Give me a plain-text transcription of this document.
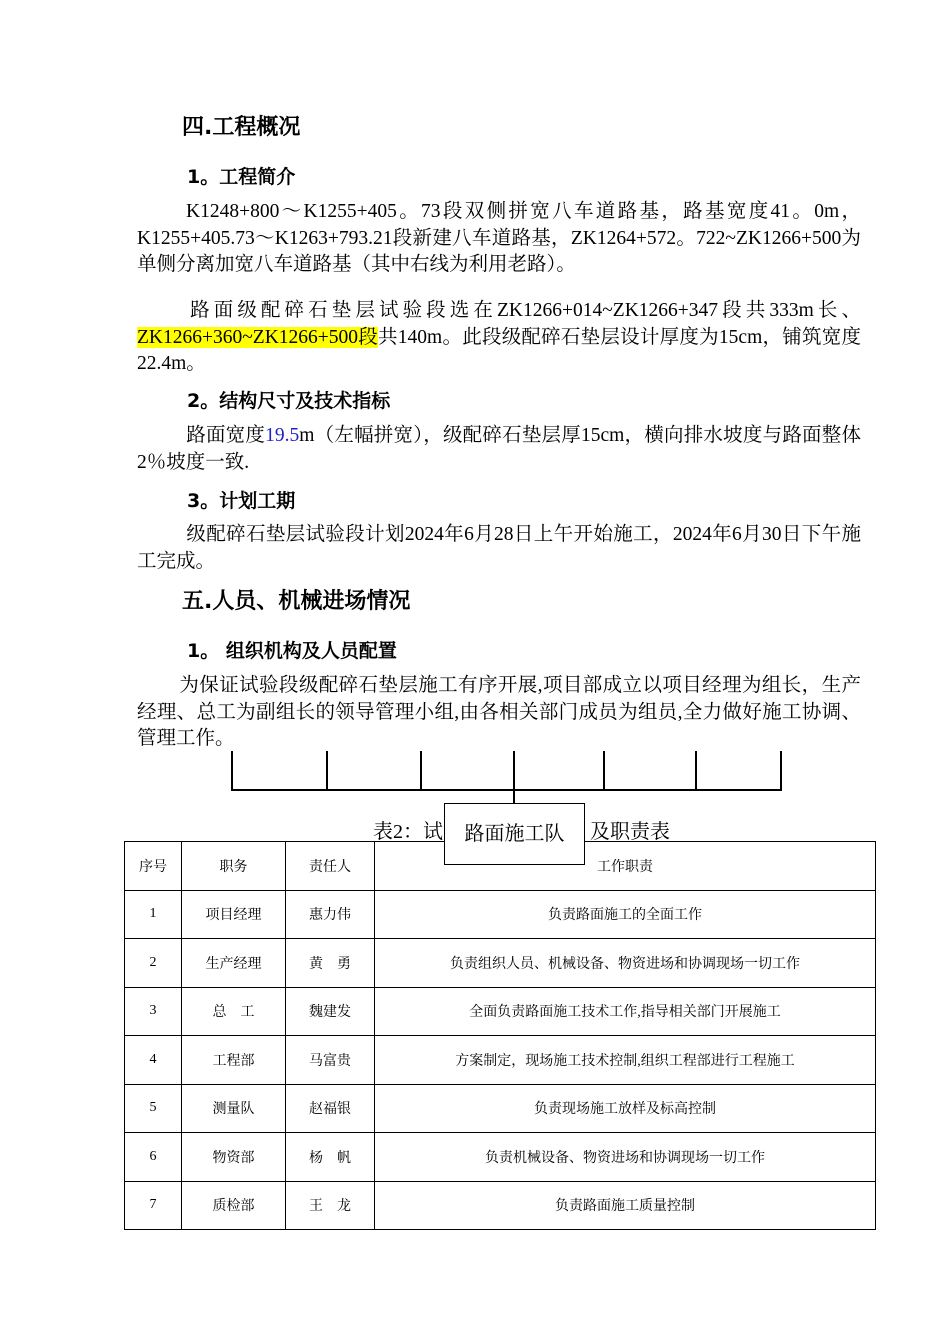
四.工程概况
1。工程简介
K1248+800～K1255+405。73段双侧拼宽八车道路基，路基宽度41。0m，K1255+405.73～K1263+793.21段新建八车道路基，ZK1264+572。722~ZK1266+500为单侧分离加宽八车道路基（其中右线为利用老路）。
路面级配碎石垫层试验段选在ZK1266+014~ZK1266+347段共333m长、ZK1266+360~ZK1266+500段共140m。此段级配碎石垫层设计厚度为15cm，铺筑宽度22.4m。
2。结构尺寸及技术指标
路面宽度19.5m（左幅拼宽），级配碎石垫层厚15cm，横向排水坡度与路面整体2％坡度一致.
3。计划工期
级配碎石垫层试验段计划2024年6月28日上午开始施工，2024年6月30日下午施工完成。
五.人员、机械进场情况
1。 组织机构及人员配置
为保证试验段级配碎石垫层施工有序开展,项目部成立以项目经理为组长，生产经理、总工为副组长的领导管理小组,由各相关部门成员为组员,全力做好施工协调、管理工作。
表2：试	及职责表
序号	职务	责任人	工作职责
1	项目经理	惠力伟	负责路面施工的全面工作
2	生产经理	黄　勇	负责组织人员、机械设备、物资进场和协调现场一切工作
3	总　工	魏建发	全面负责路面施工技术工作,指导相关部门开展施工
4	工程部	马富贵	方案制定，现场施工技术控制,组织工程部进行工程施工
5	测量队	赵福银	负责现场施工放样及标高控制
6	物资部	杨　帆	负责机械设备、物资进场和协调现场一切工作
7	质检部	王　龙	负责路面施工质量控制
路面施工队
